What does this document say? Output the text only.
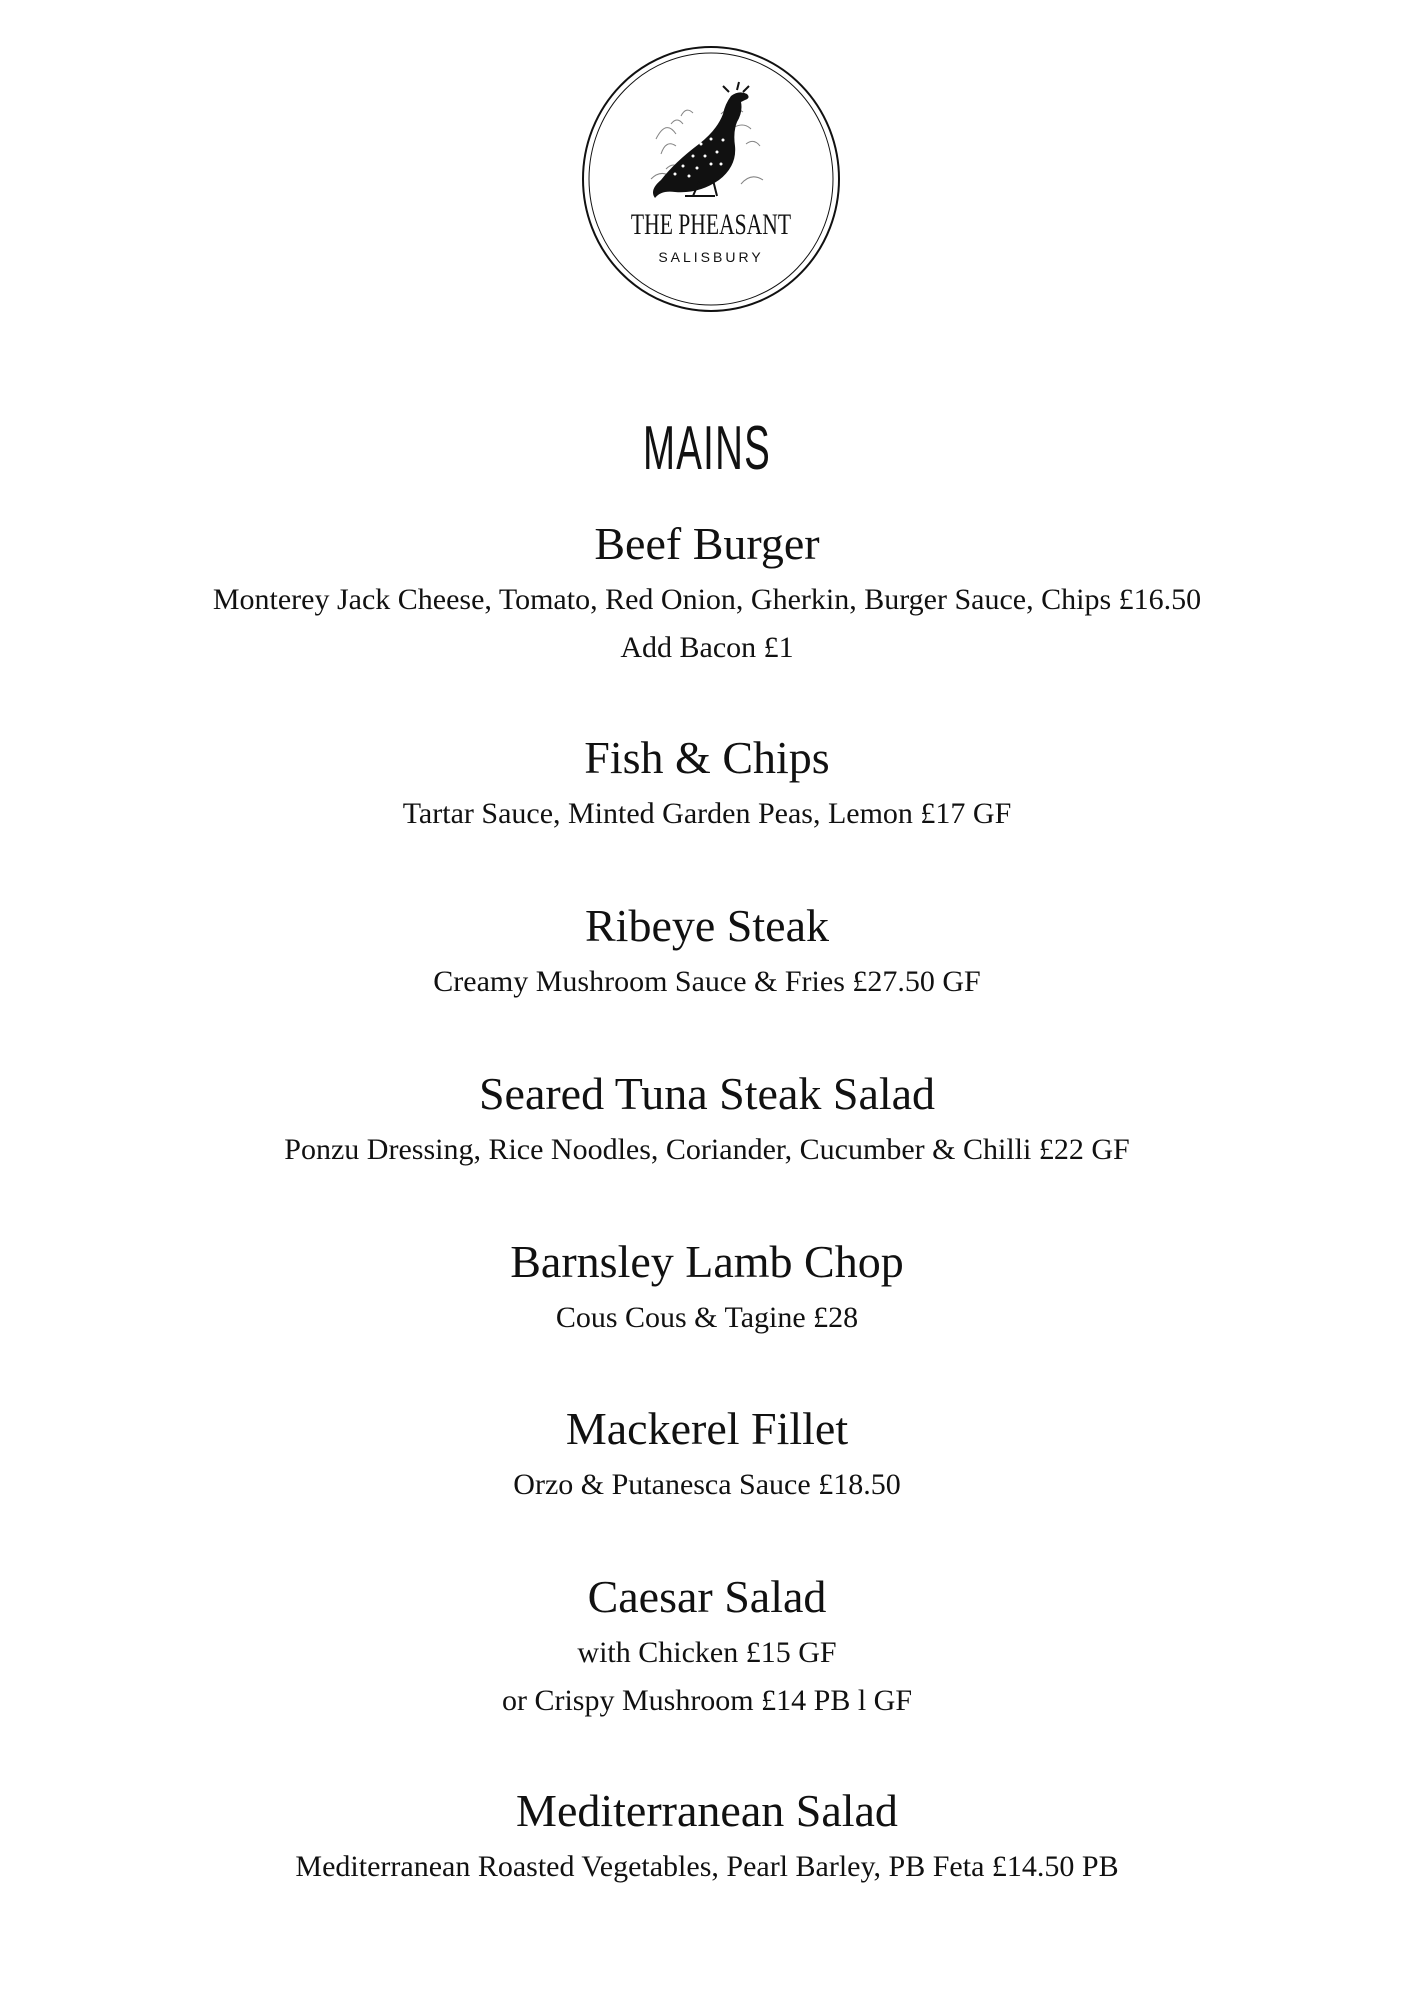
THE PHEASANT
SALISBURY
MAINS
Beef Burger
Monterey Jack Cheese, Tomato, Red Onion, Gherkin, Burger Sauce, Chips £16.50
Add Bacon £1
Fish & Chips
Tartar Sauce, Minted Garden Peas, Lemon £17 GF
Ribeye Steak
Creamy Mushroom Sauce & Fries £27.50 GF
Seared Tuna Steak Salad
Ponzu Dressing, Rice Noodles, Coriander, Cucumber & Chilli £22 GF
Barnsley Lamb Chop
Cous Cous & Tagine £28
Mackerel Fillet
Orzo & Putanesca Sauce £18.50
Caesar Salad
with Chicken £15 GF
or Crispy Mushroom £14 PB l GF
Mediterranean Salad
Mediterranean Roasted Vegetables, Pearl Barley, PB Feta £14.50 PB
